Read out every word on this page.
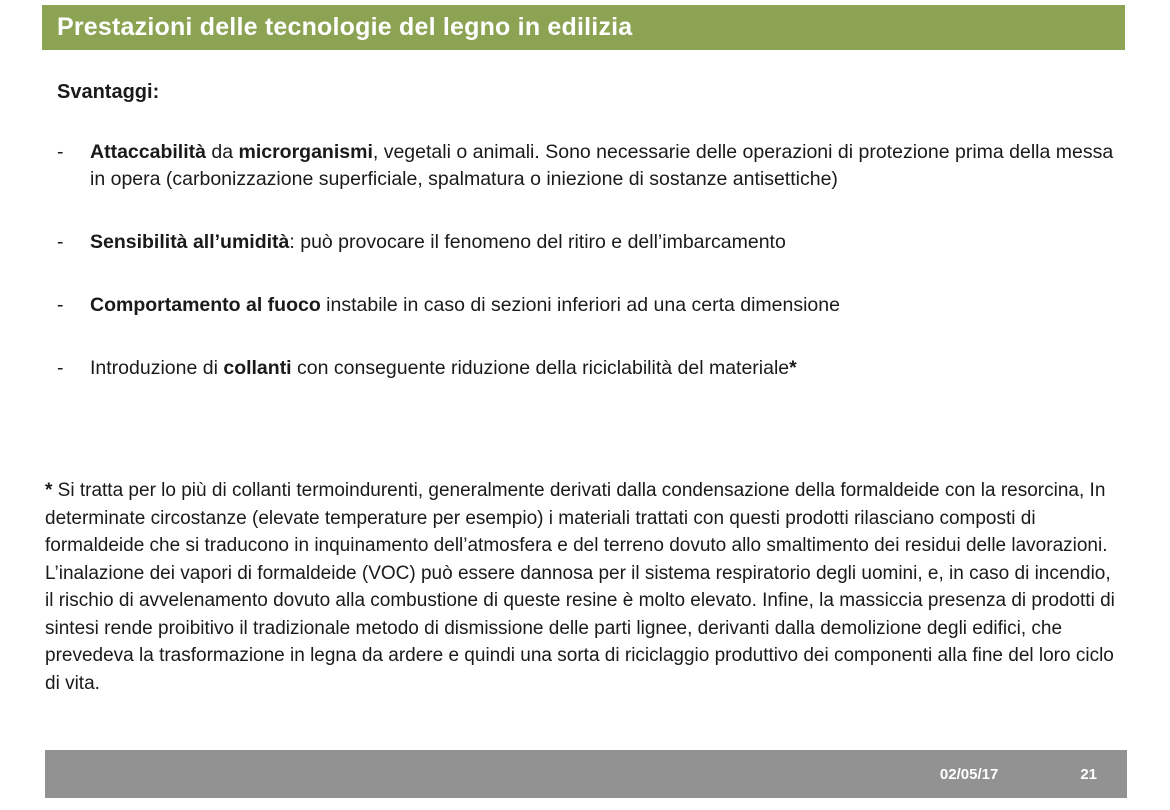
Prestazioni delle tecnologie del legno in edilizia
Svantaggi:
-	Attaccabilità da microrganismi, vegetali o animali. Sono necessarie delle operazioni di protezione prima della messa in opera (carbonizzazione superficiale, spalmatura o iniezione di sostanze antisettiche)
-	Sensibilità all’umidità: può provocare il fenomeno del ritiro e dell’imbarcamento
-	Comportamento al fuoco instabile in caso di sezioni inferiori ad una certa dimensione
-	Introduzione di collanti con conseguente riduzione della riciclabilità del materiale*

* Si tratta per lo più di collanti termoindurenti, generalmente derivati dalla condensazione della formaldeide con la resorcina, In determinate circostanze (elevate temperature per esempio) i materiali trattati con questi prodotti rilasciano composti di formaldeide che si traducono in inquinamento dell’atmosfera e del terreno dovuto allo smaltimento dei residui delle lavorazioni. L’inalazione dei vapori di formaldeide (VOC) può essere dannosa per il sistema respiratorio degli uomini, e, in caso di incendio, il rischio di avvelenamento dovuto alla combustione di queste resine è molto elevato. Infine, la massiccia presenza di prodotti di sintesi rende proibitivo il tradizionale metodo di dismissione delle parti lignee, derivanti dalla demolizione degli edifici, che prevedeva la trasformazione in legna da ardere e quindi una sorta di riciclaggio produttivo dei componenti alla fine del loro ciclo di vita.

02/05/17	21
